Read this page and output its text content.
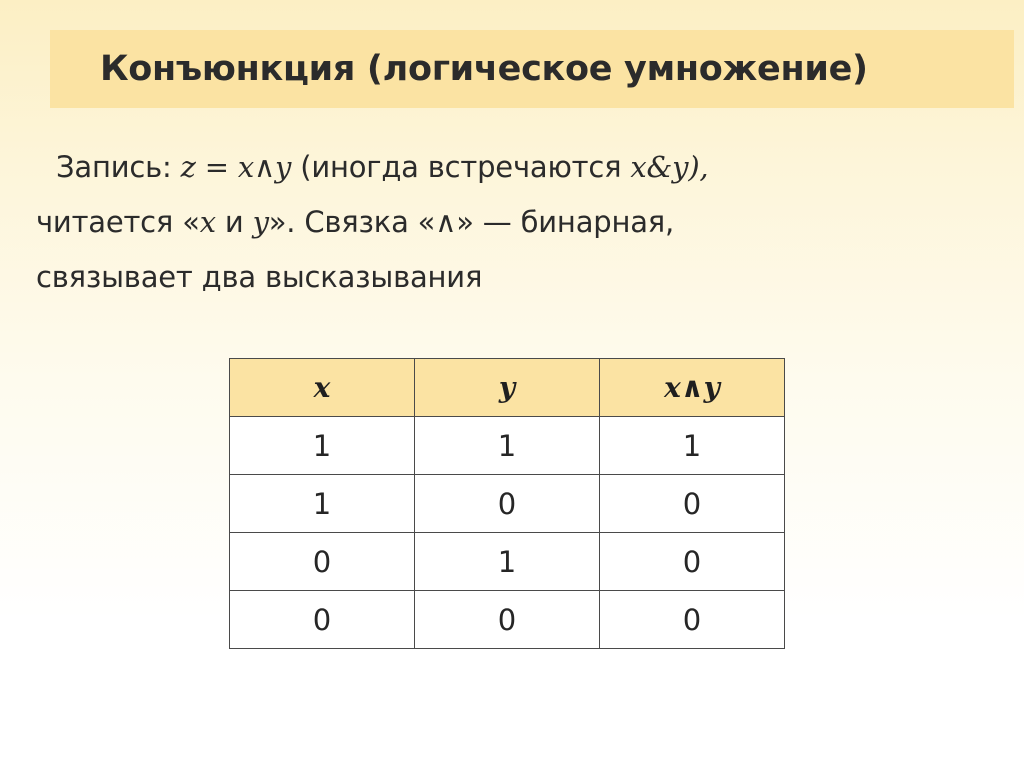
Конъюнкция (логическое умножение)
Запись: z = x∧y (иногда встречаются x&y),
читается «x и y». Связка «∧» — бинарная,
связывает два высказывания
x	y	x∧y
1	1	1
1	0	0
0	1	0
0	0	0
